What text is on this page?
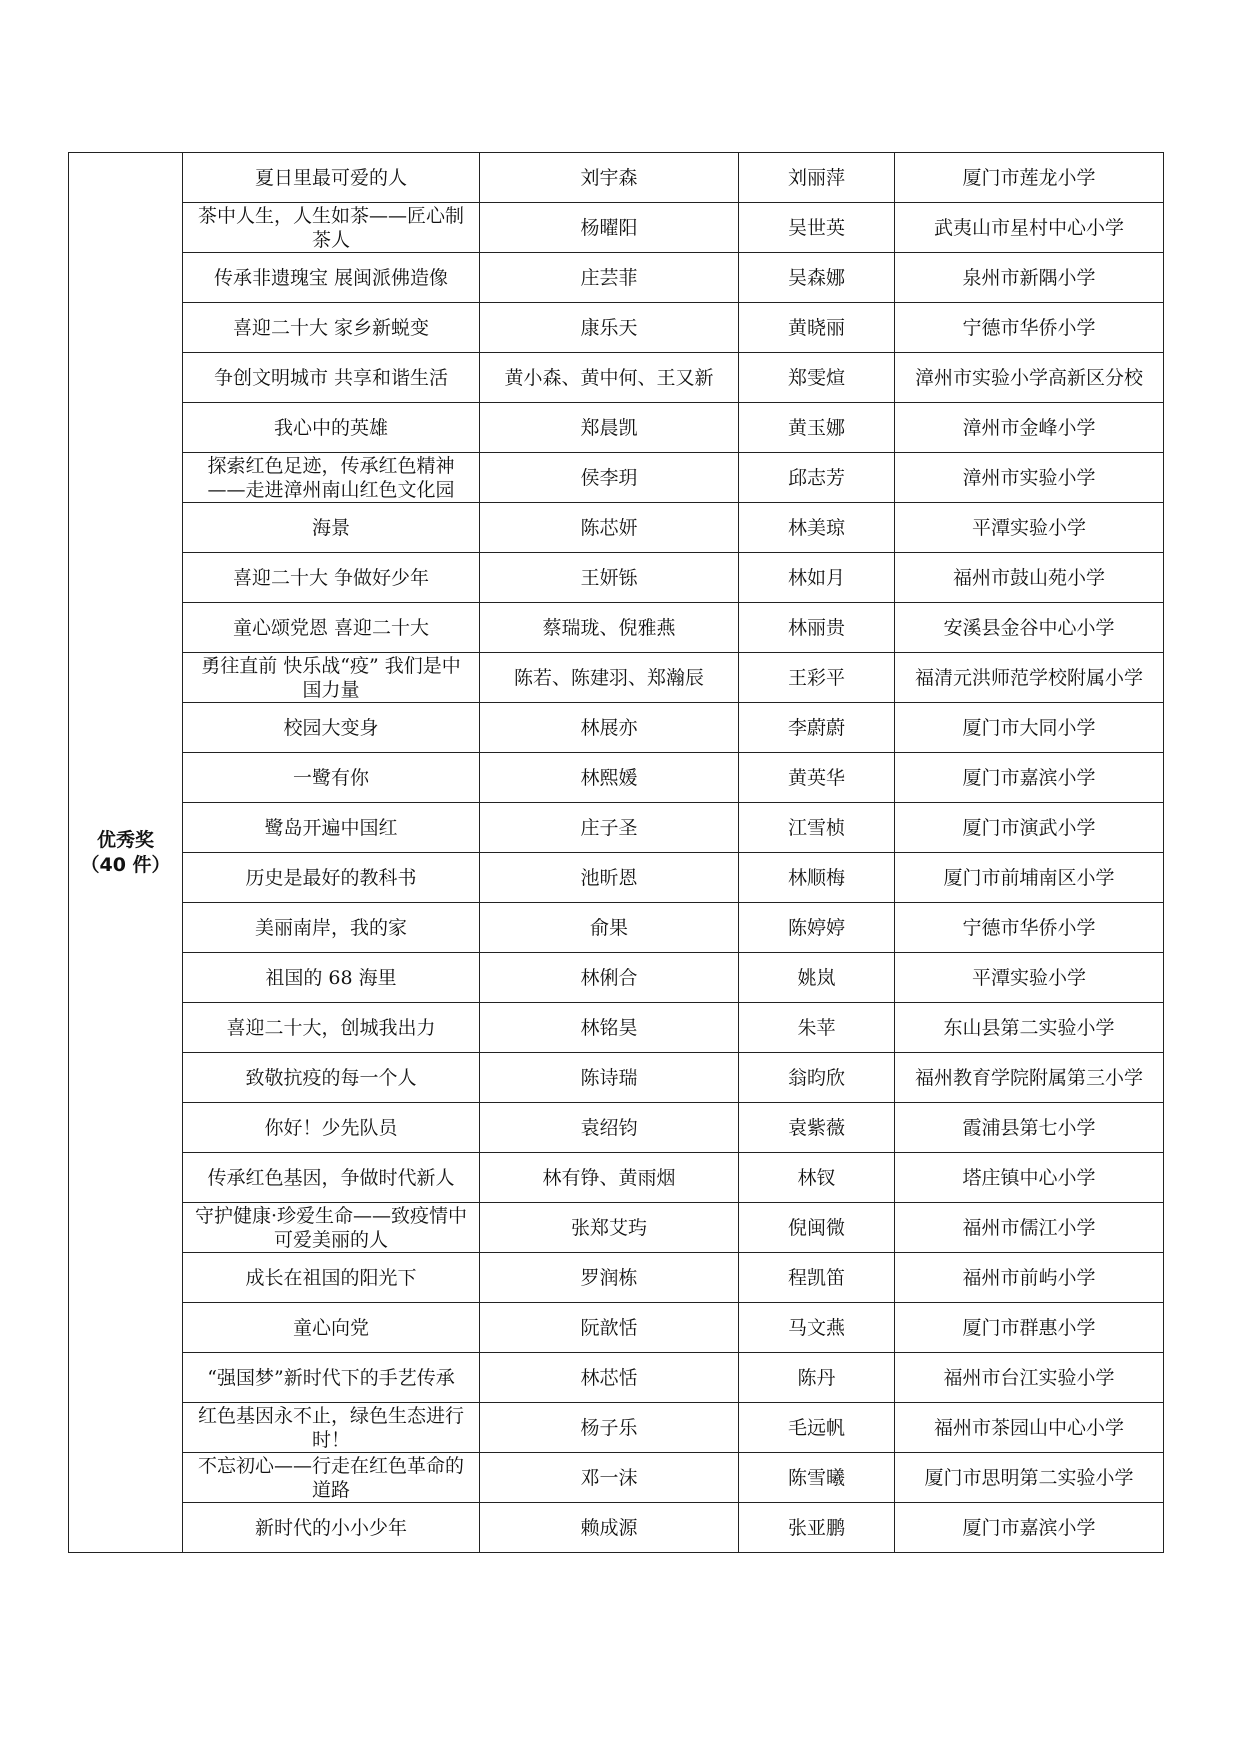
优秀奖
（40 件）	夏日里最可爱的人	刘宇森	刘丽萍	厦门市莲龙小学
	茶中人生，人生如茶——匠心制茶人	杨曜阳	吴世英	武夷山市星村中心小学
	传承非遗瑰宝 展闽派佛造像	庄芸菲	吴森娜	泉州市新隅小学
	喜迎二十大 家乡新蜕变	康乐天	黄晓丽	宁德市华侨小学
	争创文明城市 共享和谐生活	黄小森、黄中何、王又新	郑雯煊	漳州市实验小学高新区分校
	我心中的英雄	郑晨凯	黄玉娜	漳州市金峰小学
	探索红色足迹，传承红色精神——走进漳州南山红色文化园	侯李玥	邱志芳	漳州市实验小学
	海景	陈芯妍	林美琼	平潭实验小学
	喜迎二十大 争做好少年	王妍铄	林如月	福州市鼓山苑小学
	童心颂党恩 喜迎二十大	蔡瑞珑、倪雅燕	林丽贵	安溪县金谷中心小学
	勇往直前 快乐战“疫” 我们是中国力量	陈若、陈建羽、郑瀚辰	王彩平	福清元洪师范学校附属小学
	校园大变身	林展亦	李蔚蔚	厦门市大同小学
	一鹭有你	林熙媛	黄英华	厦门市嘉滨小学
	鹭岛开遍中国红	庄子圣	江雪桢	厦门市演武小学
	历史是最好的教科书	池昕恩	林顺梅	厦门市前埔南区小学
	美丽南岸，我的家	俞果	陈婷婷	宁德市华侨小学
	祖国的 68 海里	林俐合	姚岚	平潭实验小学
	喜迎二十大，创城我出力	林铭昊	朱苹	东山县第二实验小学
	致敬抗疫的每一个人	陈诗瑞	翁昀欣	福州教育学院附属第三小学
	你好！少先队员	袁绍钧	袁紫薇	霞浦县第七小学
	传承红色基因，争做时代新人	林有铮、黄雨烟	林钗	塔庄镇中心小学
	守护健康·珍爱生命——致疫情中可爱美丽的人	张郑艾玙	倪闽微	福州市儒江小学
	成长在祖国的阳光下	罗润栋	程凯笛	福州市前屿小学
	童心向党	阮歆恬	马文燕	厦门市群惠小学
	“强国梦”新时代下的手艺传承	林芯恬	陈丹	福州市台江实验小学
	红色基因永不止，绿色生态进行时！	杨子乐	毛远帆	福州市茶园山中心小学
	不忘初心——行走在红色革命的道路	邓一沫	陈雪曦	厦门市思明第二实验小学
	新时代的小小少年	赖成源	张亚鹏	厦门市嘉滨小学
